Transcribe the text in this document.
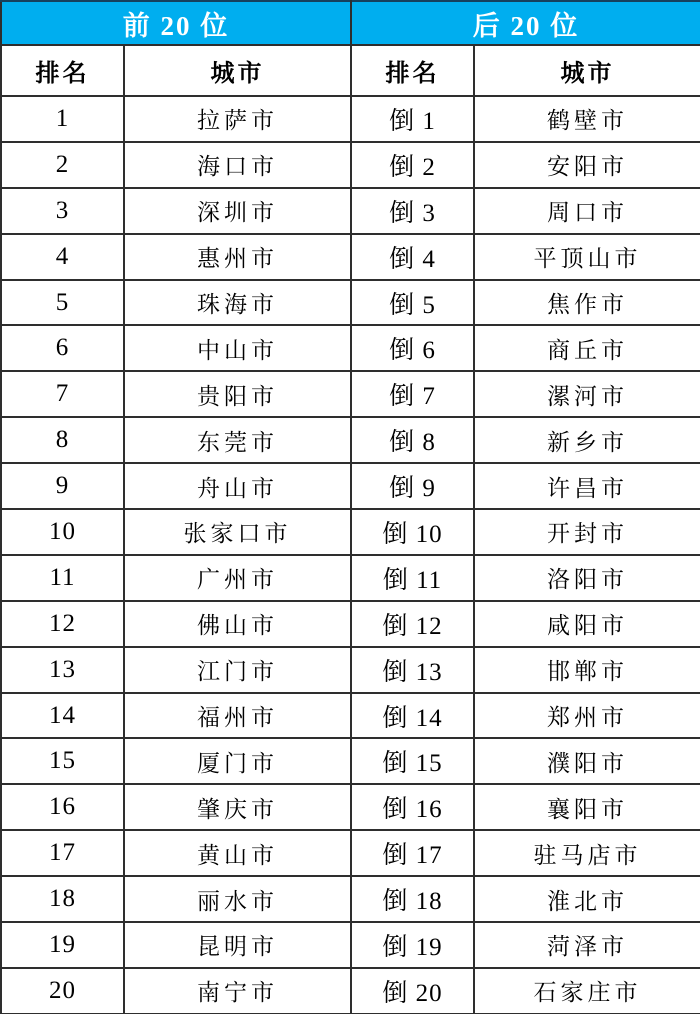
前 20 位		后 20 位	
排名	城市	排名	城市
1	拉萨市	倒 1	鹤壁市
2	海口市	倒 2	安阳市
3	深圳市	倒 3	周口市
4	惠州市	倒 4	平顶山市
5	珠海市	倒 5	焦作市
6	中山市	倒 6	商丘市
7	贵阳市	倒 7	漯河市
8	东莞市	倒 8	新乡市
9	舟山市	倒 9	许昌市
10	张家口市	倒 10	开封市
11	广州市	倒 11	洛阳市
12	佛山市	倒 12	咸阳市
13	江门市	倒 13	邯郸市
14	福州市	倒 14	郑州市
15	厦门市	倒 15	濮阳市
16	肇庆市	倒 16	襄阳市
17	黄山市	倒 17	驻马店市
18	丽水市	倒 18	淮北市
19	昆明市	倒 19	菏泽市
20	南宁市	倒 20	石家庄市
